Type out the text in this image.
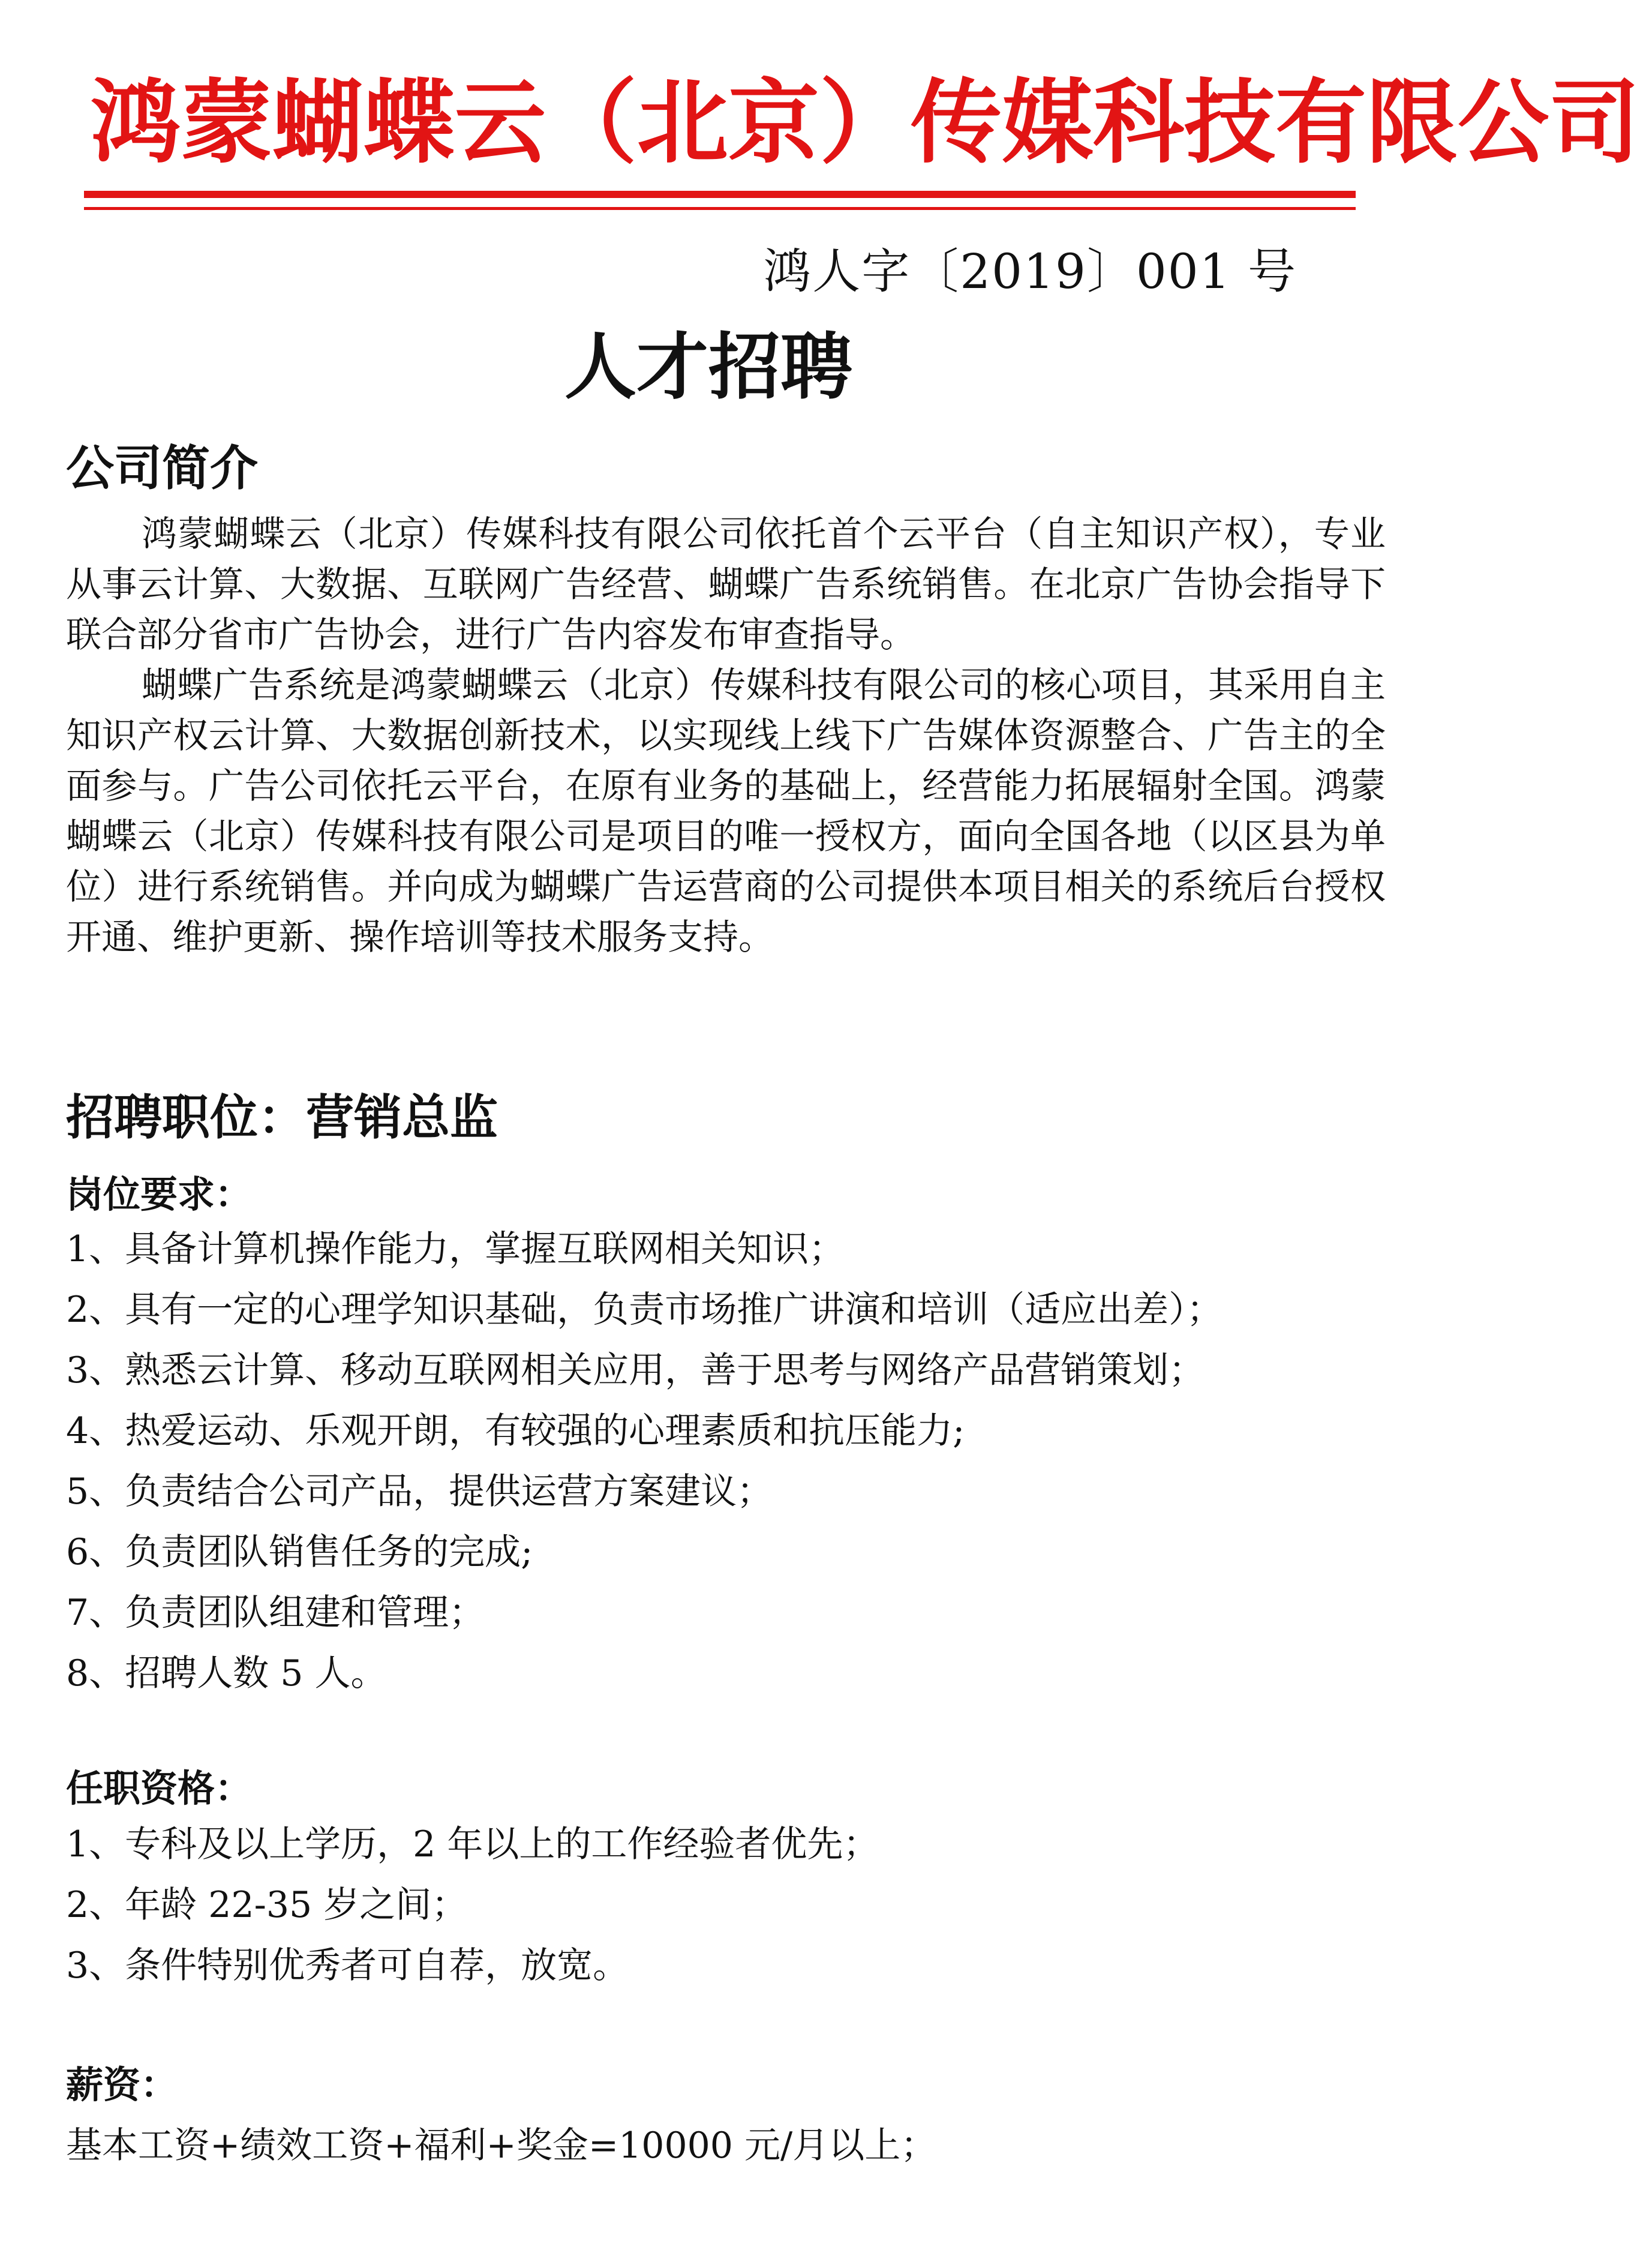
鸿蒙蝴蝶云（北京）传媒科技有限公司
鸿人字〔2019〕001 号
人才招聘
公司简介

鸿蒙蝴蝶云（北京）传媒科技有限公司依托首个云平台（自主知识产权），专业从事云计算、大数据、互联网广告经营、蝴蝶广告系统销售。在北京广告协会指导下联合部分省市广告协会，进行广告内容发布审查指导。

蝴蝶广告系统是鸿蒙蝴蝶云（北京）传媒科技有限公司的核心项目，其采用自主知识产权云计算、大数据创新技术，以实现线上线下广告媒体资源整合、广告主的全面参与。广告公司依托云平台，在原有业务的基础上，经营能力拓展辐射全国。鸿蒙蝴蝶云（北京）传媒科技有限公司是项目的唯一授权方，面向全国各地（以区县为单位）进行系统销售。并向成为蝴蝶广告运营商的公司提供本项目相关的系统后台授权开通、维护更新、操作培训等技术服务支持。

招聘职位：营销总监
岗位要求：
1、具备计算机操作能力，掌握互联网相关知识；
2、具有一定的心理学知识基础，负责市场推广讲演和培训（适应出差）；
3、熟悉云计算、移动互联网相关应用，善于思考与网络产品营销策划；
4、热爱运动、乐观开朗，有较强的心理素质和抗压能力;
5、负责结合公司产品，提供运营方案建议；
6、负责团队销售任务的完成;
7、负责团队组建和管理；
8、招聘人数 5 人。
任职资格：
1、专科及以上学历，2 年以上的工作经验者优先；
2、年龄 22-35 岁之间；
3、条件特别优秀者可自荐，放宽。
薪资：
基本工资+绩效工资+福利+奖金=10000 元/月以上；
